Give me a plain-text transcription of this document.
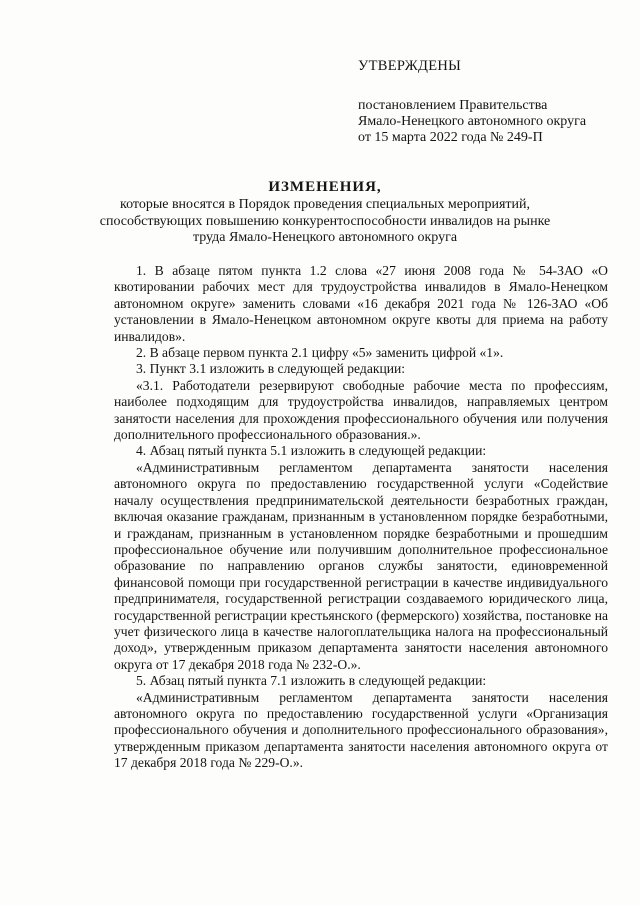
УТВЕРЖДЕНЫ
постановлением Правительства
Ямало-Ненецкого автономного округа
от 15 марта 2022 года № 249-П
ИЗМЕНЕНИЯ,
которые вносятся в Порядок проведения специальных мероприятий,
способствующих повышению конкурентоспособности инвалидов на рынке
труда Ямало-Ненецкого автономного округа

1. В абзаце пятом пункта 1.2 слова «27 июня 2008 года № 54-ЗАО «О квотировании рабочих мест для трудоустройства инвалидов в Ямало-Ненецком автономном округе» заменить словами «16 декабря 2021 года № 126-ЗАО «Об установлении в Ямало-Ненецком автономном округе квоты для приема на работу инвалидов».

2. В абзаце первом пункта 2.1 цифру «5» заменить цифрой «1».

3. Пункт 3.1 изложить в следующей редакции:

«3.1. Работодатели резервируют свободные рабочие места по профессиям, наиболее подходящим для трудоустройства инвалидов, направляемых центром занятости населения для прохождения профессионального обучения или получения дополнительного профессионального образования.».

4. Абзац пятый пункта 5.1 изложить в следующей редакции:

«Административным регламентом департамента занятости населения автономного округа по предоставлению государственной услуги «Содействие началу осуществления предпринимательской деятельности безработных граждан, включая оказание гражданам, признанным в установленном порядке безработными, и гражданам, признанным в установленном порядке безработными и прошедшим профессиональное обучение или получившим дополнительное профессиональное образование по направлению органов службы занятости, единовременной финансовой помощи при государственной регистрации в качестве индивидуального предпринимателя, государственной регистрации создаваемого юридического лица, государственной регистрации крестьянского (фермерского) хозяйства, постановке на учет физического лица в качестве налогоплательщика налога на профессиональный доход», утвержденным приказом департамента занятости населения автономного округа от 17 декабря 2018 года № 232-О.».

5. Абзац пятый пункта 7.1 изложить в следующей редакции:

«Административным регламентом департамента занятости населения автономного округа по предоставлению государственной услуги «Организация профессионального обучения и дополнительного профессионального образования», утвержденным приказом департамента занятости населения автономного округа от 17 декабря 2018 года № 229-О.».
